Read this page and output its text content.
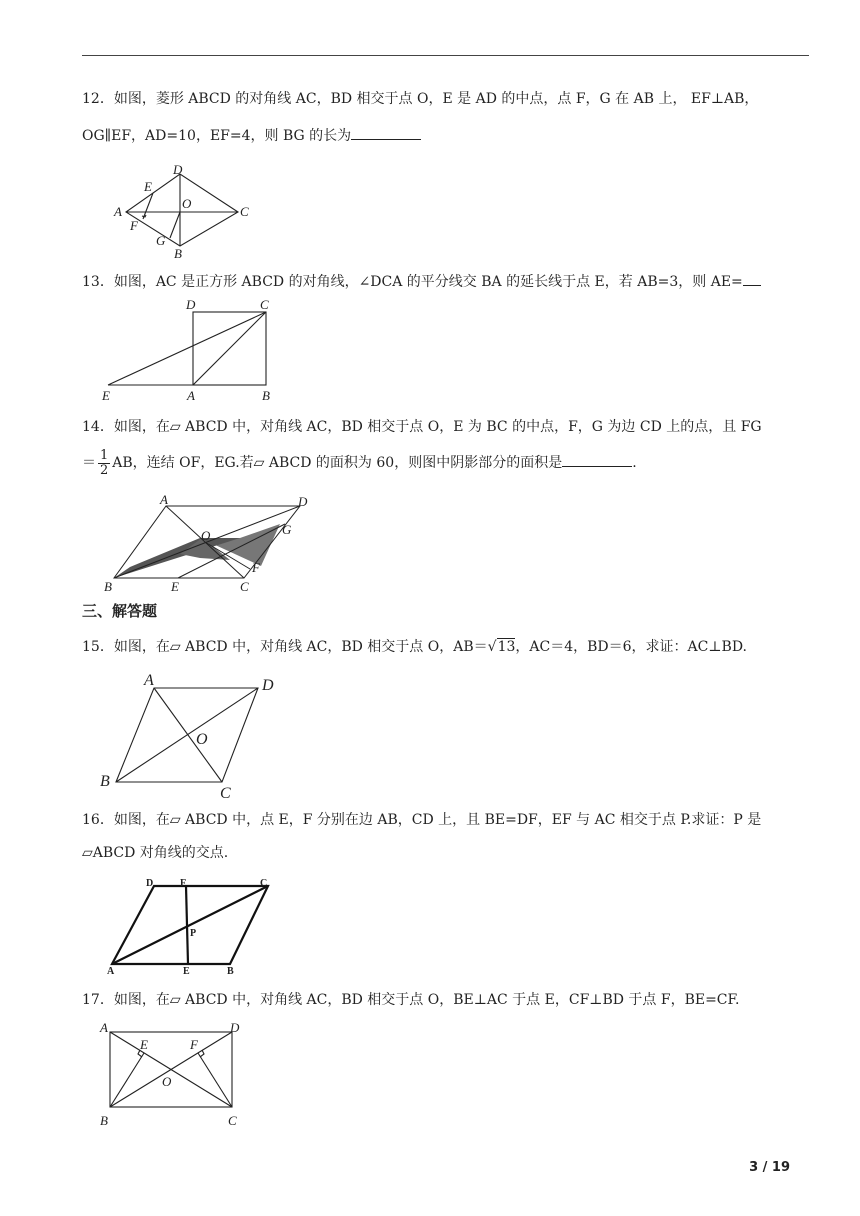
12．如图，菱形 ABCD 的对角线 AC，BD 相交于点 O，E 是 AD 的中点，点 F，G 在 AB 上， EF⊥AB，
OG∥EF，AD=10，EF=4，则 BG 的长为
D
E
O
A	C
F
G
B
13．如图，AC 是正方形 ABCD 的对角线，∠DCA 的平分线交 BA 的延长线于点 E，若 AB=3，则 AE=
D	C
E	A	B
14．如图，在▱ ABCD 中，对角线 AC，BD 相交于点 O，E 为 BC 的中点，F，G 为边 CD 上的点，且 FG
＝ $\frac{1}{2}$ AB，连结 OF，EG.若▱ ABCD 的面积为 60，则图中阴影部分的面积是	.
A	D
O	G
F
B	E	C
三、解答题
15．如图，在▱ ABCD 中，对角线 AC，BD 相交于点 O，AB＝√13，AC＝4，BD＝6，求证：AC⊥BD.
A	D
O
B
C
16．如图，在▱ ABCD 中，点 E，F 分别在边 AB，CD 上，且 BE=DF，EF 与 AC 相交于点 P.求证：P 是
▱ABCD 对角线的交点.
D	F	C
P
A	E	B
17．如图，在▱ ABCD 中，对角线 AC，BD 相交于点 O，BE⊥AC 于点 E，CF⊥BD 于点 F，BE=CF.
A	D
E	F
O
B	C
3 / 19
